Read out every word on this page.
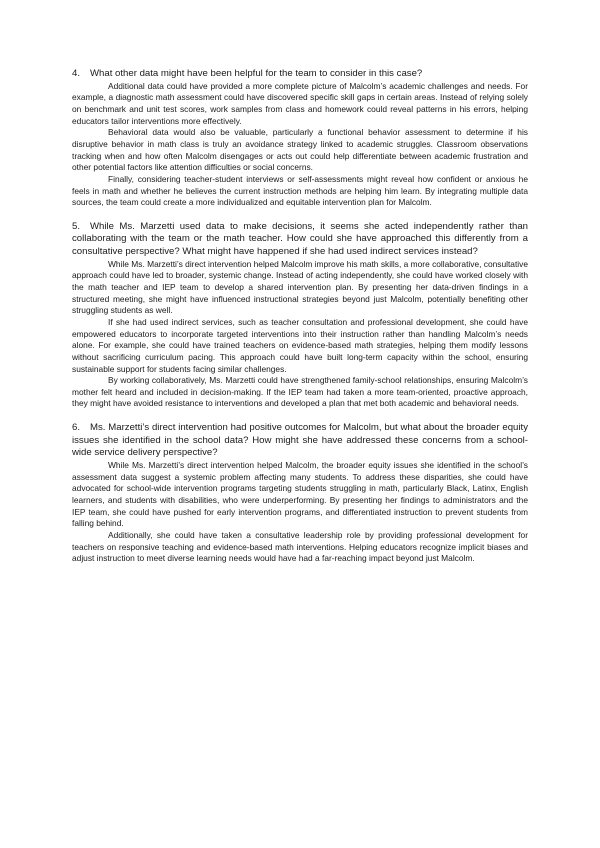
4. What other data might have been helpful for the team to consider in this case?

Additional data could have provided a more complete picture of Malcolm’s academic challenges and needs. For example, a diagnostic math assessment could have discovered specific skill gaps in certain areas. Instead of relying solely on benchmark and unit test scores, work samples from class and homework could reveal patterns in his errors, helping educators tailor interventions more effectively.

Behavioral data would also be valuable, particularly a functional behavior assessment to determine if his disruptive behavior in math class is truly an avoidance strategy linked to academic struggles. Classroom observations tracking when and how often Malcolm disengages or acts out could help differentiate between academic frustration and other potential factors like attention difficulties or social concerns.

Finally, considering teacher-student interviews or self-assessments might reveal how confident or anxious he feels in math and whether he believes the current instruction methods are helping him learn. By integrating multiple data sources, the team could create a more individualized and equitable intervention plan for Malcolm.

5. While Ms. Marzetti used data to make decisions, it seems she acted independently rather than collaborating with the team or the math teacher. How could she have approached this differently from a consultative perspective? What might have happened if she had used indirect services instead?

While Ms. Marzetti’s direct intervention helped Malcolm improve his math skills, a more collaborative, consultative approach could have led to broader, systemic change. Instead of acting independently, she could have worked closely with the math teacher and IEP team to develop a shared intervention plan. By presenting her data-driven findings in a structured meeting, she might have influenced instructional strategies beyond just Malcolm, potentially benefiting other struggling students as well.

If she had used indirect services, such as teacher consultation and professional development, she could have empowered educators to incorporate targeted interventions into their instruction rather than handling Malcolm’s needs alone. For example, she could have trained teachers on evidence-based math strategies, helping them modify lessons without sacrificing curriculum pacing. This approach could have built long-term capacity within the school, ensuring sustainable support for students facing similar challenges.

By working collaboratively, Ms. Marzetti could have strengthened family-school relationships, ensuring Malcolm’s mother felt heard and included in decision-making. If the IEP team had taken a more team-oriented, proactive approach, they might have avoided resistance to interventions and developed a plan that met both academic and behavioral needs.

6. Ms. Marzetti’s direct intervention had positive outcomes for Malcolm, but what about the broader equity issues she identified in the school data? How might she have addressed these concerns from a school-wide service delivery perspective?

While Ms. Marzetti’s direct intervention helped Malcolm, the broader equity issues she identified in the school’s assessment data suggest a systemic problem affecting many students. To address these disparities, she could have advocated for school-wide intervention programs targeting students struggling in math, particularly Black, Latinx, English learners, and students with disabilities, who were underperforming. By presenting her findings to administrators and the IEP team, she could have pushed for early intervention programs, and differentiated instruction to prevent students from falling behind.

Additionally, she could have taken a consultative leadership role by providing professional development for teachers on responsive teaching and evidence-based math interventions. Helping educators recognize implicit biases and adjust instruction to meet diverse learning needs would have had a far-reaching impact beyond just Malcolm.
